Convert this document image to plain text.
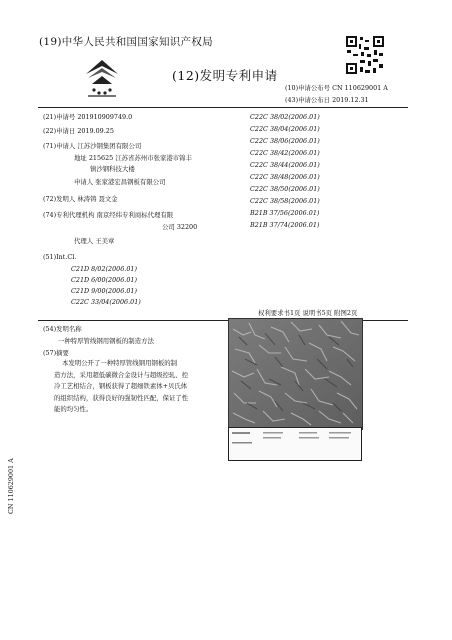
(19)中华人民共和国国家知识产权局
(12)发明专利申请
(10)申请公布号 CN 110629001 A
(43)申请公布日 2019.12.31
(21)申请号 201910909749.0
(22)申请日 2019.09.25
(71)申请人 江苏沙钢集团有限公司
地址 215625 江苏省苏州市张家港市锦丰
镇沙钢科技大楼
申请人 张家港宏昌钢板有限公司
(72)发明人 林涛铸 聂文金
(74)专利代理机构 南京经纬专利商标代理有限
公司 32200
代理人 王美章
(51)Int.Cl.
C21D 8/02(2006.01)
C21D 6/00(2006.01)
C21D 9/00(2006.01)
C22C 33/04(2006.01)
C22C 38/02(2006.01)
C22C 38/04(2006.01)
C22C 38/06(2006.01)
C22C 38/42(2006.01)
C22C 38/44(2006.01)
C22C 38/48(2006.01)
C22C 38/50(2006.01)
C22C 38/58(2006.01)
B21B 37/56(2006.01)
B21B 37/74(2006.01)
权利要求书1页 说明书5页 附图2页
(54)发明名称
一种特厚管线钢用钢板的制造方法
(57)摘要

本发明公开了一种特厚管线钢用钢板的制

造方法，采用超低碳微合金设计与超级控轧、控

冷工艺相结合，钢板获得了超细铁素体+贝氏体

的组织结构，获得良好的强韧性匹配，保证了性

能的均匀性。

CN 110629001 A
